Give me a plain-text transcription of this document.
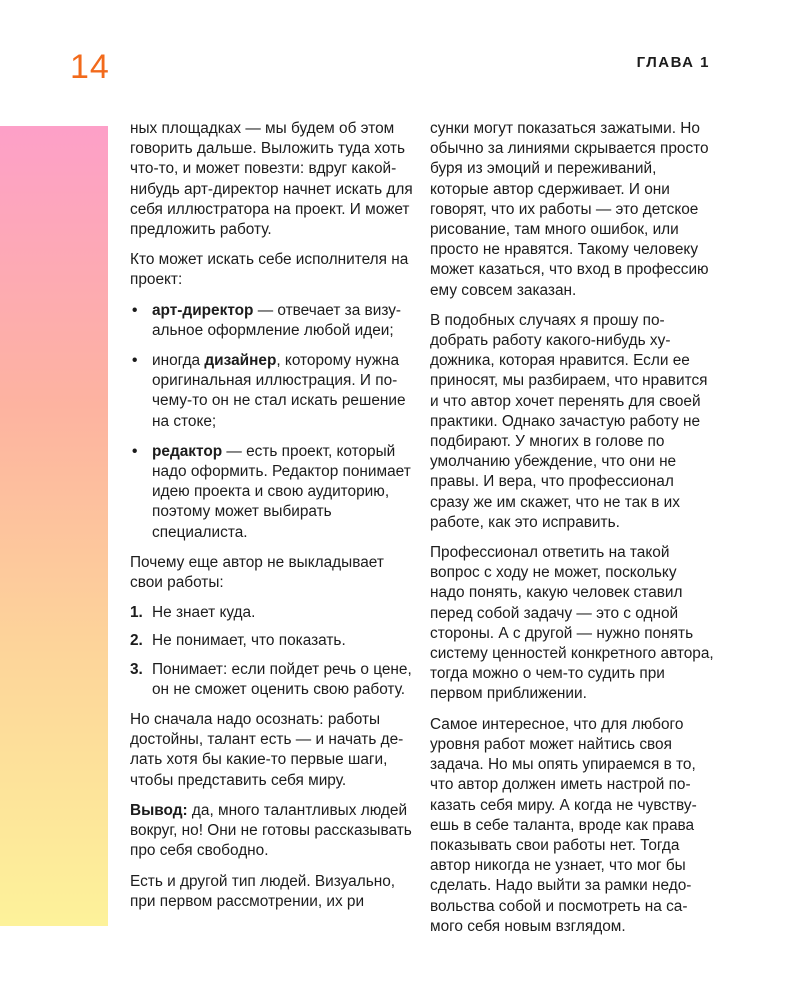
14	ГЛАВА 1

ных площадках — мы будем об этом говорить дальше. Выложить туда хоть что-то, и может повезти: вдруг какой-нибудь арт-директор начнет искать для себя иллюстратора на проект. И может предложить работу.

Кто может искать себе исполнителя на проект:

• арт-директор — отвечает за визуальное оформление любой идеи;
• иногда дизайнер, которому нужна оригинальная иллюстрация. И почему-то он не стал искать решение на стоке;
• редактор — есть проект, который надо оформить. Редактор понимает идею проекта и свою аудиторию, поэтому может выбирать специалиста.

Почему еще автор не выкладывает свои работы:

1. Не знает куда.
2. Не понимает, что показать.
3. Понимает: если пойдет речь о цене, он не сможет оценить свою работу.

Но сначала надо осознать: работы достойны, талант есть — и начать делать хотя бы какие-то первые шаги, чтобы представить себя миру.

Вывод: да, много талантливых людей вокруг, но! Они не готовы рассказывать про себя свободно.

Есть и другой тип людей. Визуально, при первом рассмотрении, их ри

сунки могут показаться зажатыми. Но обычно за линиями скрывается просто буря из эмоций и переживаний, которые автор сдерживает. И они говорят, что их работы — это детское рисование, там много ошибок, или просто не нравятся. Такому человеку может казаться, что вход в профессию ему совсем заказан.

В подобных случаях я прошу подобрать работу какого-нибудь художника, которая нравится. Если ее приносят, мы разбираем, что нравится и что автор хочет перенять для своей практики. Однако зачастую работу не подбирают. У многих в голове по умолчанию убеждение, что они не правы. И вера, что профессионал сразу же им скажет, что не так в их работе, как это исправить.

Профессионал ответить на такой вопрос с ходу не может, поскольку надо понять, какую человек ставил перед собой задачу — это с одной стороны. А с другой — нужно понять систему ценностей конкретного автора, тогда можно о чем-то судить при первом приближении.

Самое интересное, что для любого уровня работ может найтись своя задача. Но мы опять упираемся в то, что автор должен иметь настрой показать себя миру. А когда не чувствуешь в себе таланта, вроде как права показывать свои работы нет. Тогда автор никогда не узнает, что мог бы сделать. Надо выйти за рамки недовольства собой и посмотреть на самого себя новым взглядом.
